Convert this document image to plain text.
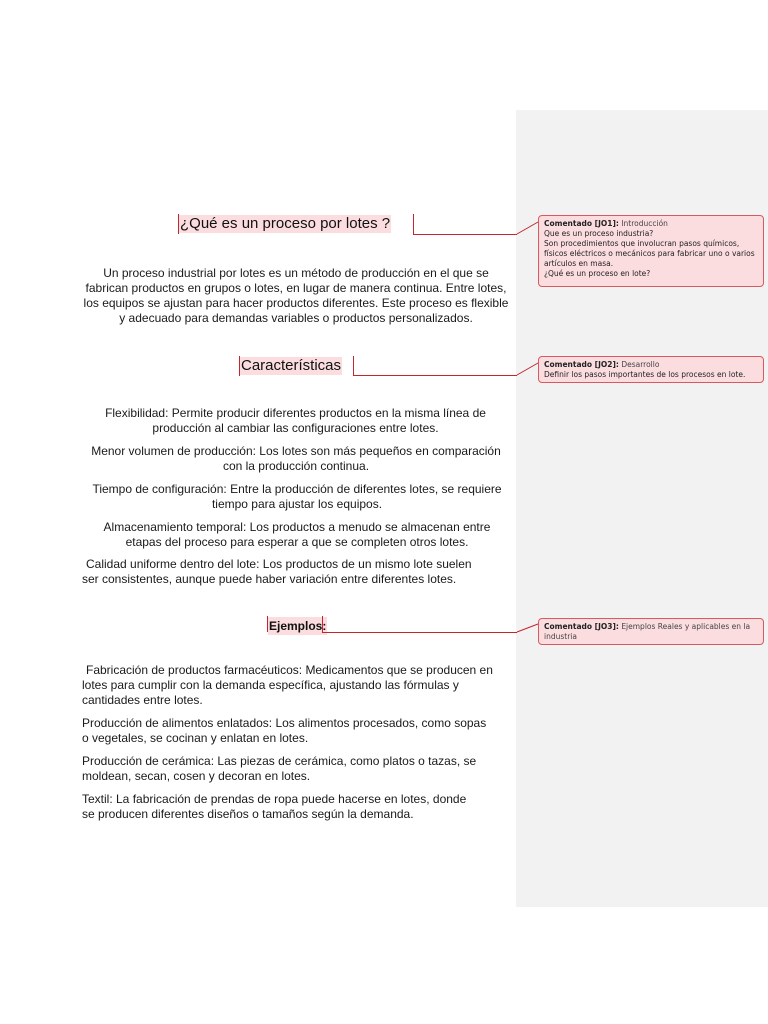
¿Qué es un proceso por lotes ?
Un proceso industrial por lotes es un método de producción en el que se fabrican productos en grupos o lotes, en lugar de manera continua. Entre lotes, los equipos se ajustan para hacer productos diferentes. Este proceso es flexible y adecuado para demandas variables o productos personalizados.
Características
Flexibilidad: Permite producir diferentes productos en la misma línea de producción al cambiar las configuraciones entre lotes.
Menor volumen de producción: Los lotes son más pequeños en comparación con la producción continua.
Tiempo de configuración: Entre la producción de diferentes lotes, se requiere tiempo para ajustar los equipos.
Almacenamiento temporal: Los productos a menudo se almacenan entre etapas del proceso para esperar a que se completen otros lotes.
Calidad uniforme dentro del lote: Los productos de un mismo lote suelen ser consistentes, aunque puede haber variación entre diferentes lotes.
Ejemplos:
Fabricación de productos farmacéuticos: Medicamentos que se producen en lotes para cumplir con la demanda específica, ajustando las fórmulas y cantidades entre lotes.
Producción de alimentos enlatados: Los alimentos procesados, como sopas o vegetales, se cocinan y enlatan en lotes.
Producción de cerámica: Las piezas de cerámica, como platos o tazas, se moldean, secan, cosen y decoran en lotes.
Textil: La fabricación de prendas de ropa puede hacerse en lotes, donde se producen diferentes diseños o tamaños según la demanda.
Comentado [JO1]: Introducción
Que es un proceso industria?
Son procedimientos que involucran pasos químicos, físicos eléctricos o mecánicos para fabricar uno o varios artículos en masa.
¿Qué es un proceso en lote?
Comentado [JO2]: Desarrollo
Definir los pasos importantes de los procesos en lote.
Comentado [JO3]: Ejemplos Reales y aplicables en la industria
